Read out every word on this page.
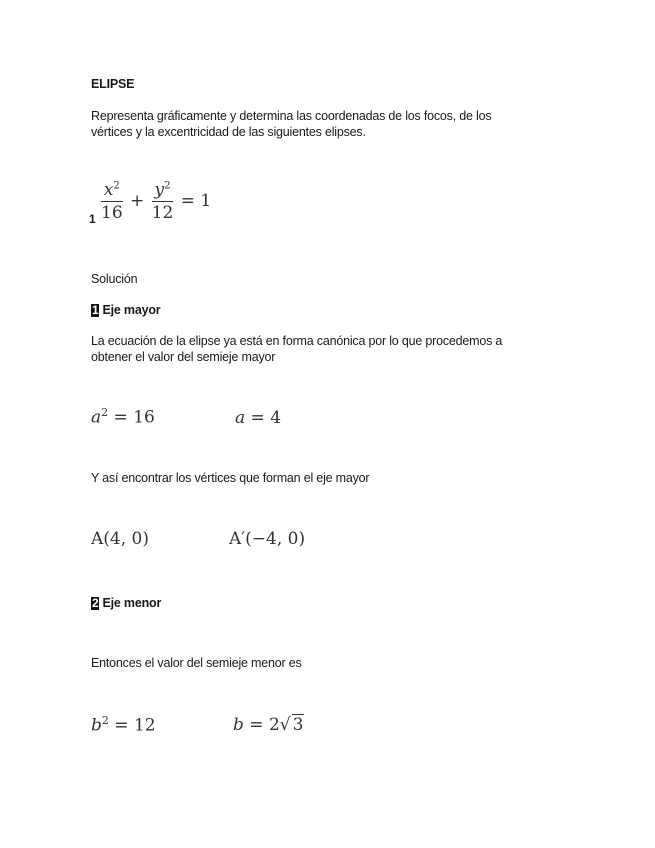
ELIPSE
Representa gráficamente y determina las coordenadas de los focos, de los
vértices y la excentricidad de las siguientes elipses.
$1 \frac{x^2}{16} + \frac{y^2}{12} = 1$
Solución
1 Eje mayor
La ecuación de la elipse ya está en forma canónica por lo que procedemos a
obtener el valor del semieje mayor
$a^2 = 16$	a = 4
Y así encontrar los vértices que forman el eje mayor
A(4, 0)	A′(−4, 0)
2 Eje menor
Entonces el valor del semieje menor es
$b^2 = 12$	b = 2√ 3
